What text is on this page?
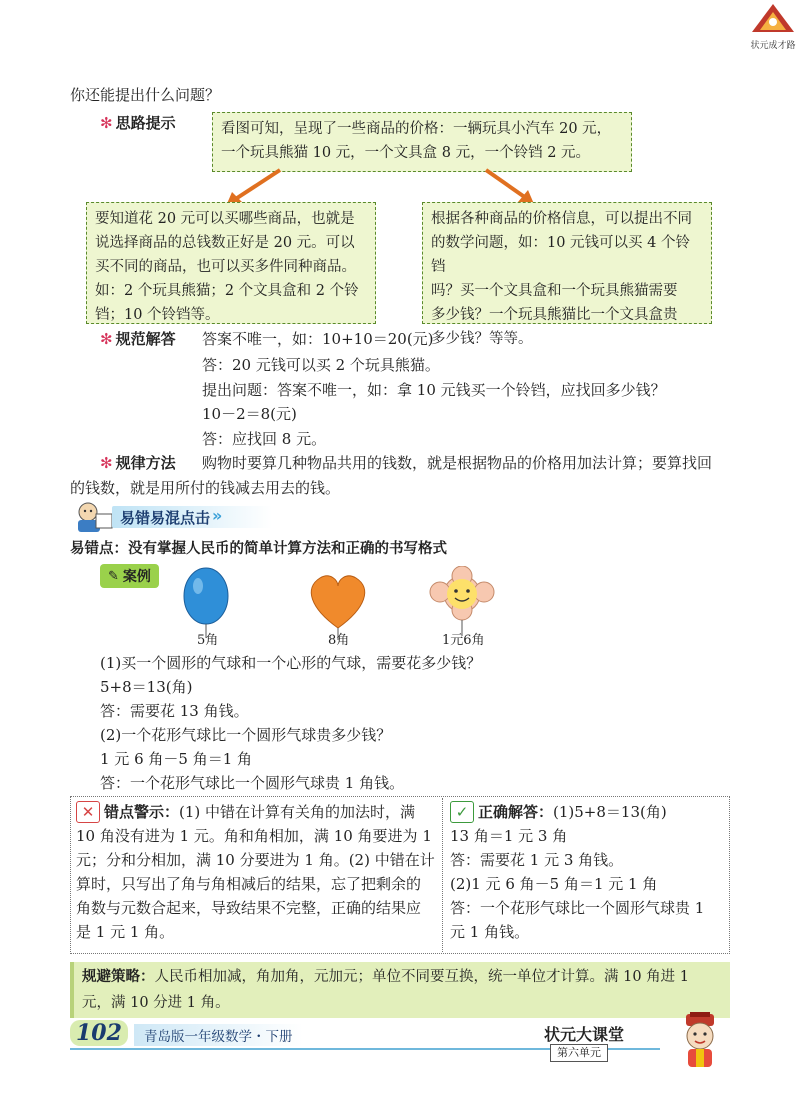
状元成才路
你还能提出什么问题？
✻ 思路提示	看图可知，呈现了一些商品的价格：一辆玩具小汽车 20 元，
一个玩具熊猫 10 元，一个文具盒 8 元，一个铃铛 2 元。
要知道花 20 元可以买哪些商品，也就是
说选择商品的总钱数正好是 20 元。可以
买不同的商品，也可以买多件同种商品。
如：2 个玩具熊猫；2 个文具盒和 2 个铃
铛；10 个铃铛等。
根据各种商品的价格信息，可以提出不同
的数学问题，如：10 元钱可以买 4 个铃铛
吗？买一个文具盒和一个玩具熊猫需要
多少钱？一个玩具熊猫比一个文具盒贵
多少钱？等等。
✻ 规范解答 答案不唯一，如：10+10＝20(元)
答：20 元钱可以买 2 个玩具熊猫。
提出问题：答案不唯一，如：拿 10 元钱买一个铃铛，应找回多少钱？
10－2＝8(元)
答：应找回 8 元。
✻ 规律方法 购物时要算几种物品共用的钱数，就是根据物品的价格用加法计算；要算找回
的钱数，就是用所付的钱减去用去的钱。
易错易混点击 »
易错点：没有掌握人民币的简单计算方法和正确的书写格式
✎ 案例
5角	8角	1元6角
(1)买一个圆形的气球和一个心形的气球，需要花多少钱？
5+8＝13(角)
答：需要花 13 角钱。
(2)一个花形气球比一个圆形气球贵多少钱？
1 元 6 角－5 角＝1 角
答：一个花形气球比一个圆形气球贵 1 角钱。
✕ 错点警示： (1) 中错在计算有关角的加法时，满
10 角没有进为 1 元。角和角相加，满 10 角要进为 1
元；分和分相加，满 10 分要进为 1 角。(2) 中错在计
算时，只写出了角与角相减后的结果，忘了把剩余的
角数与元数合起来，导致结果不完整，正确的结果应
是 1 元 1 角。
✓ 正确解答： (1)5+8＝13(角)
13 角＝1 元 3 角
答：需要花 1 元 3 角钱。
(2)1 元 6 角－5 角＝1 元 1 角
答：一个花形气球比一个圆形气球贵 1
元 1 角钱。
规避策略：人民币相加减，角加角，元加元；单位不同要互换，统一单位才计算。满 10 角进 1
元，满 10 分进 1 角。
102	青岛版一年级数学・下册	状元大课堂
第六单元
